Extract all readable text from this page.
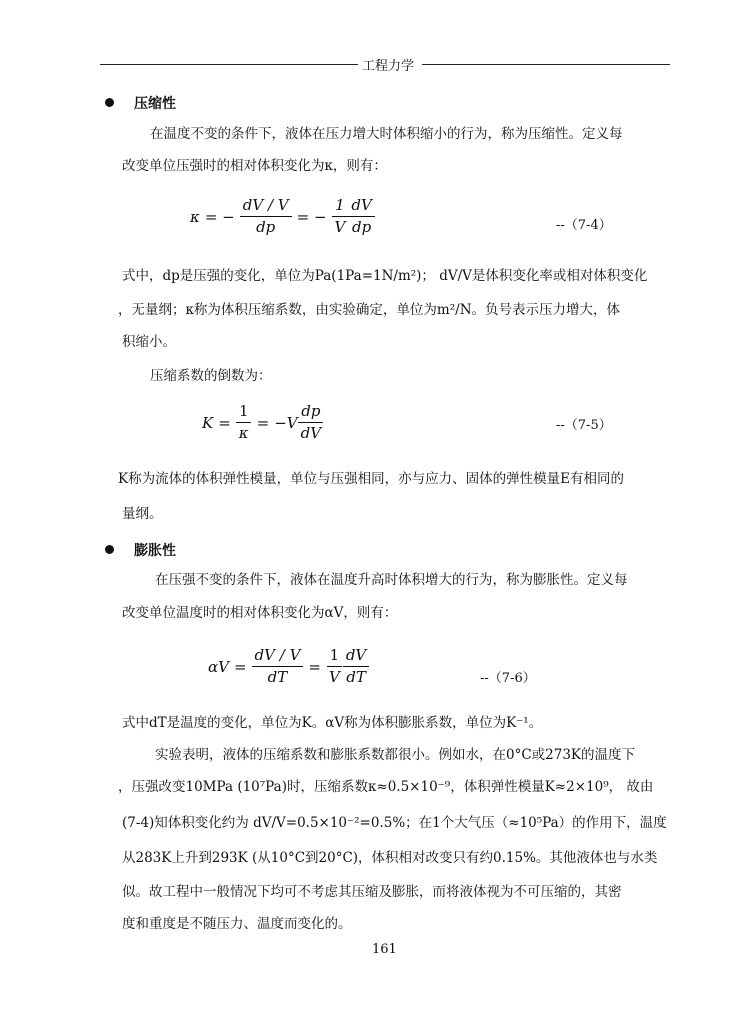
工程力学
压缩性
在温度不变的条件下，液体在压力增大时体积缩小的行为，称为压缩性。定义每
改变单位压强时的相对体积变化为κ，则有：
κ = − $\frac{dV / V}{dp}$ = − $\frac{1}{V} \frac{dV}{dp}$	--（7-4）
式中，dp是压强的变化，单位为Pa(1Pa=1N/m²)； dV/V是体积变化率或相对体积变化
，无量纲；κ称为体积压缩系数，由实验确定，单位为m²/N。负号表示压力增大，体
积缩小。
压缩系数的倒数为：
$K = \frac{1}{\kappa} = -V \frac{dp}{dV}$	--（7-5）
K称为流体的体积弹性模量，单位与压强相同，亦与应力、固体的弹性模量E有相同的
量纲。
膨胀性
在压强不变的条件下，液体在温度升高时体积增大的行为，称为膨胀性。定义每
改变单位温度时的相对体积变化为αV，则有：
$\alpha V = \frac{dV / V}{dT} = \frac{1}{V} \frac{dV}{dT}$	--（7-6）
式中dT是温度的变化，单位为K。αV称为体积膨胀系数，单位为K⁻¹。
实验表明，液体的压缩系数和膨胀系数都很小。例如水，在0°C或273K的温度下
，压强改变10MPa (10⁷Pa)时，压缩系数κ≈0.5×10⁻⁹，体积弹性模量K≈2×10⁹， 故由
(7-4)知体积变化约为 dV/V=0.5×10⁻²=0.5%；在1个大气压（≈10⁵Pa）的作用下，温度
从283K上升到293K (从10°C到20°C)，体积相对改变只有约0.15%。其他液体也与水类
似。故工程中一般情况下均可不考虑其压缩及膨胀，而将液体视为不可压缩的，其密
度和重度是不随压力、温度而变化的。
161
